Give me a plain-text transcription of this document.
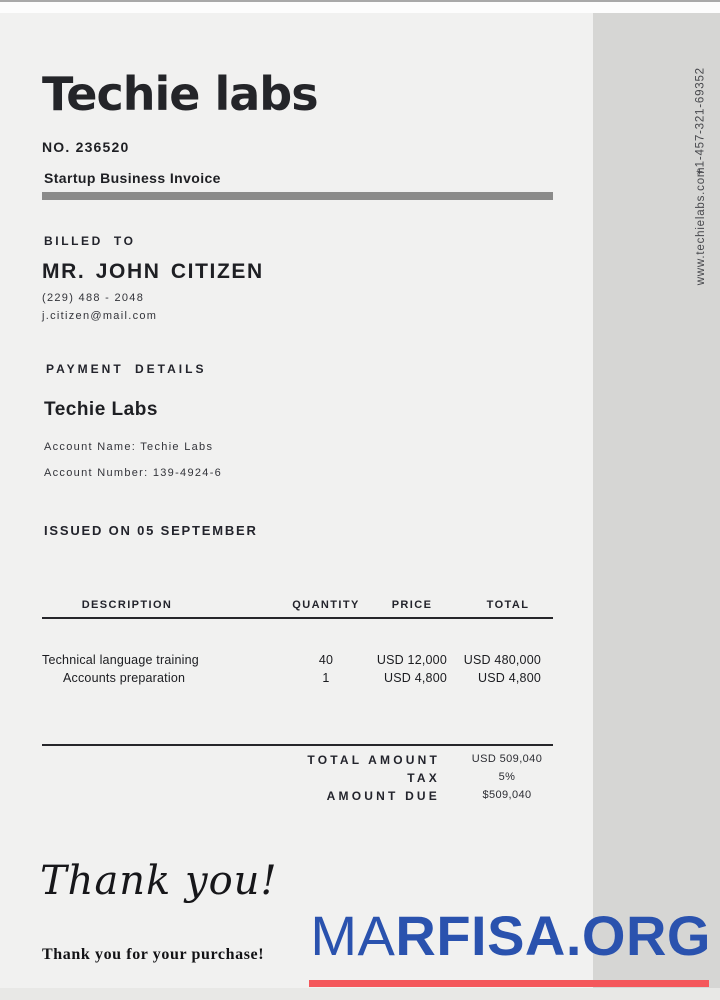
+1-457-321-69352
www.techielabs.com
Techie labs
NO. 236520
Startup Business Invoice
BILLED TO
MR. JOHN CITIZEN
(229) 488 - 2048
j.citizen@mail.com
PAYMENT DETAILS
Techie Labs
Account Name: Techie Labs
Account Number: 139-4924-6
ISSUED ON 05 SEPTEMBER
DESCRIPTION	QUANTITY	PRICE	TOTAL
Technical language training	40	USD 12,000	USD 480,000
Accounts preparation	1	USD 4,800	USD 4,800
TOTAL AMOUNT	USD 509,040
TAX	5%
AMOUNT DUE	$509,040
Thank you!
Thank you for your purchase! MARFISA.ORG
